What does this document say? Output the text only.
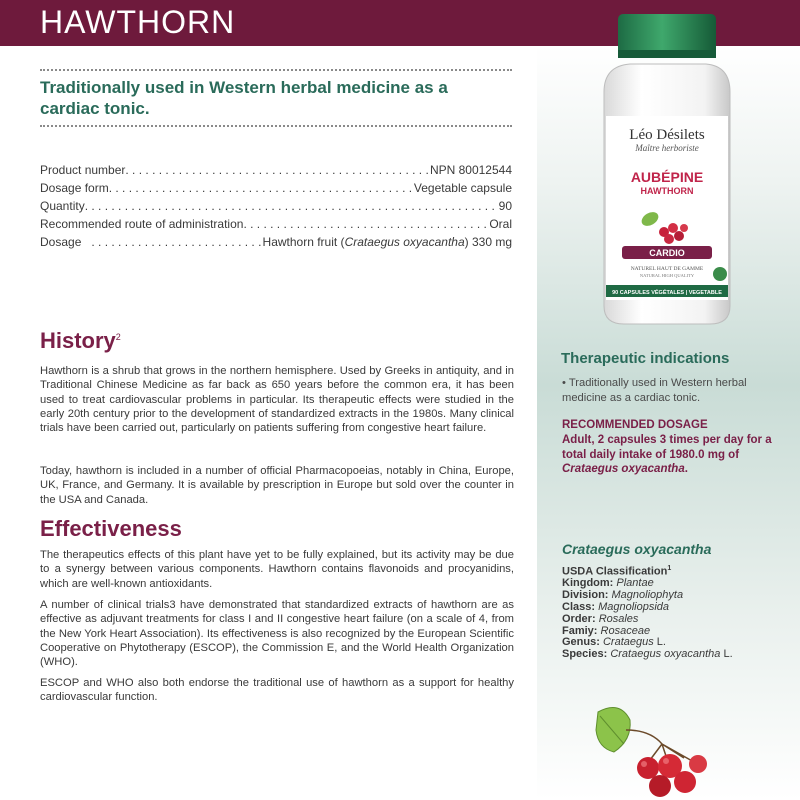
HAWTHORN
Léo Désilets
Maître herboriste
AUBÉPINE
HAWTHORN
CARDIO
NATUREL HAUT DE GAMME
NATURAL HIGH QUALITY
90 CAPSULES VÉGÉTALES | VEGETABLE
Traditionally used in Western herbal medicine as a cardiac tonic.
Product number . . .	NPN 80012544
Dosage form . . .	Vegetable capsule
Quantity . . .	90
Recommended route of administration . . .	Oral
Dosage . . .	Hawthorn fruit (Crataegus oxyacantha) 330 mg
History$^2$
Hawthorn is a shrub that grows in the northern hemisphere. Used by Greeks in antiquity, and in Traditional Chinese Medicine as far back as 650 years before the common era, it has been used to treat cardiovascular problems in particular. Its therapeutic effects were studied in the early 20th century prior to the development of standardized extracts in the 1980s. Many clinical trials have been carried out, particularly on patients suffering from congestive heart failure.
Today, hawthorn is included in a number of official Pharmacopoeias, notably in China, Europe, UK, France, and Germany. It is available by prescription in Europe but sold over the counter in the USA and Canada.
Effectiveness
The therapeutics effects of this plant have yet to be fully explained, but its activity may be due to a synergy between various components. Hawthorn contains flavonoids and procyanidins, which are well-known antioxidants.
A number of clinical trials3 have demonstrated that standardized extracts of hawthorn are as effective as adjuvant treatments for class I and II congestive heart failure (on a scale of 4, from the New York Heart Association). Its effectiveness is also recognized by the European Scientific Cooperative on Phytotherapy (ESCOP), the Commission E, and the World Health Organization (WHO).
ESCOP and WHO also both endorse the traditional use of hawthorn as a support for healthy cardiovascular function.
Therapeutic indications
• Traditionally used in Western herbal medicine as a cardiac tonic.
RECOMMENDED DOSAGE
Adult, 2 capsules 3 times per day for a total daily intake of 1980.0 mg of Crataegus oxyacantha.
Crataegus oxyacantha
USDA Classification$^1$
Kingdom: Plantae
Division: Magnoliophyta
Class: Magnoliopsida
Order: Rosales
Famiy: Rosaceae
Genus: Crataegus L.
Species: Crataegus oxyacantha L.
